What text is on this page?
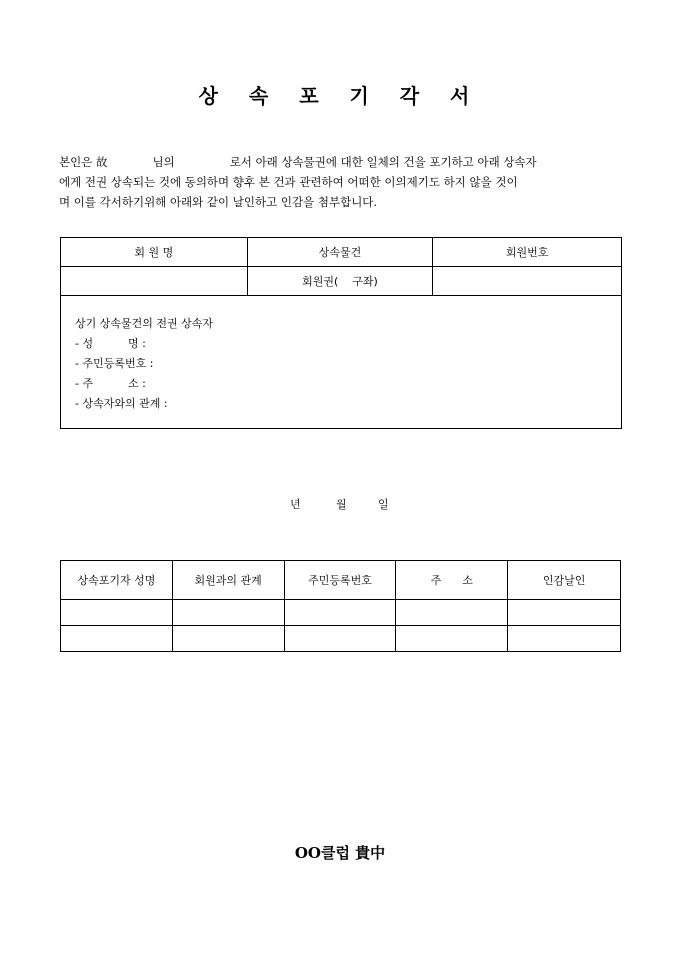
상 속 포 기 각 서
본인은 故	님의	로서 아래 상속물권에 대한 일체의 건을 포기하고 아래 상속자
에게 전권 상속되는 것에 동의하며 향후 본 건과 관련하여 어떠한 이의제기도 하지 않을 것이
며 이를 각서하기위해 아래와 같이 날인하고 인감을 첨부합니다.
회 원 명	상속물건	회원번호
	회원권(    구좌)	

상기 상속물건의 전권 상속자
- 성          명 :
- 주민등록번호 :
- 주          소 :
- 상속자와의 관계 :		
년	월	일
상속포기자 성명	회원과의 관계	주민등록번호	주      소	인감날인

OO클럽 貴中
